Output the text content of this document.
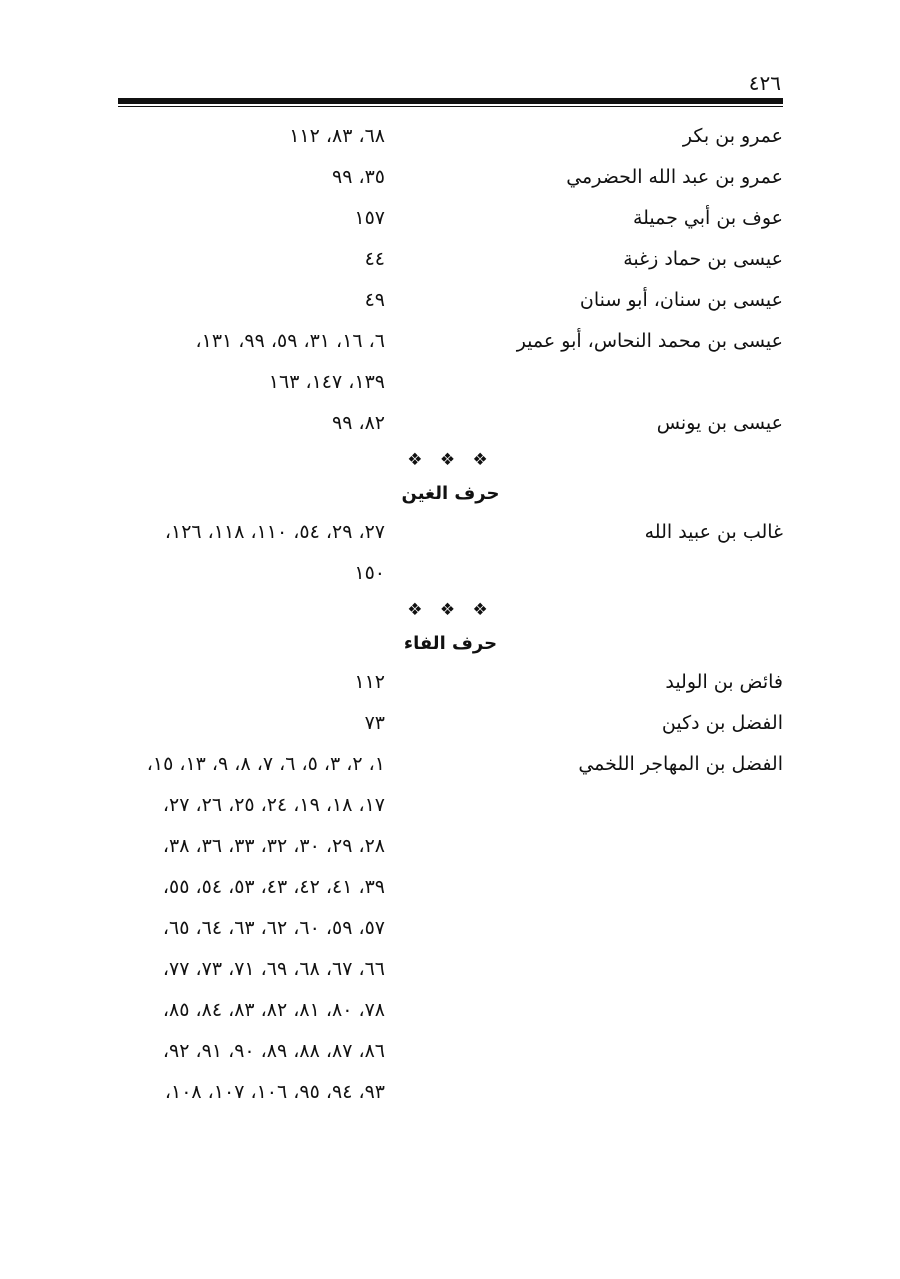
٤٢٦
عمرو بن بكر
٦٨، ٨٣، ١١٢
عمرو بن عبد الله الحضرمي
٣٥، ٩٩
عوف بن أبي جميلة
١٥٧
عيسى بن حماد زغبة
٤٤
عيسى بن سنان، أبو سنان
٤٩
عيسى بن محمد النحاس، أبو عمير
٦، ١٦، ٣١، ٥٩، ٩٩، ١٣١،
١٣٩، ١٤٧، ١٦٣
عيسى بن يونس
٨٢، ٩٩
❖ ❖ ❖
حرف الغين
غالب بن عبيد الله
٢٧، ٢٩، ٥٤، ١١٠، ١١٨، ١٢٦،
١٥٠
❖ ❖ ❖
حرف الفاء
فائض بن الوليد
١١٢
الفضل بن دكين
٧٣
الفضل بن المهاجر اللخمي
١، ٢، ٣، ٥، ٦، ٧، ٨، ٩، ١٣، ١٥،
١٧، ١٨، ١٩، ٢٤، ٢٥، ٢٦، ٢٧،
٢٨، ٢٩، ٣٠، ٣٢، ٣٣، ٣٦، ٣٨،
٣٩، ٤١، ٤٢، ٤٣، ٥٣، ٥٤، ٥٥،
٥٧، ٥٩، ٦٠، ٦٢، ٦٣، ٦٤، ٦٥،
٦٦، ٦٧، ٦٨، ٦٩، ٧١، ٧٣، ٧٧،
٧٨، ٨٠، ٨١، ٨٢، ٨٣، ٨٤، ٨٥،
٨٦، ٨٧، ٨٨، ٨٩، ٩٠، ٩١، ٩٢،
٩٣، ٩٤، ٩٥، ١٠٦، ١٠٧، ١٠٨،
